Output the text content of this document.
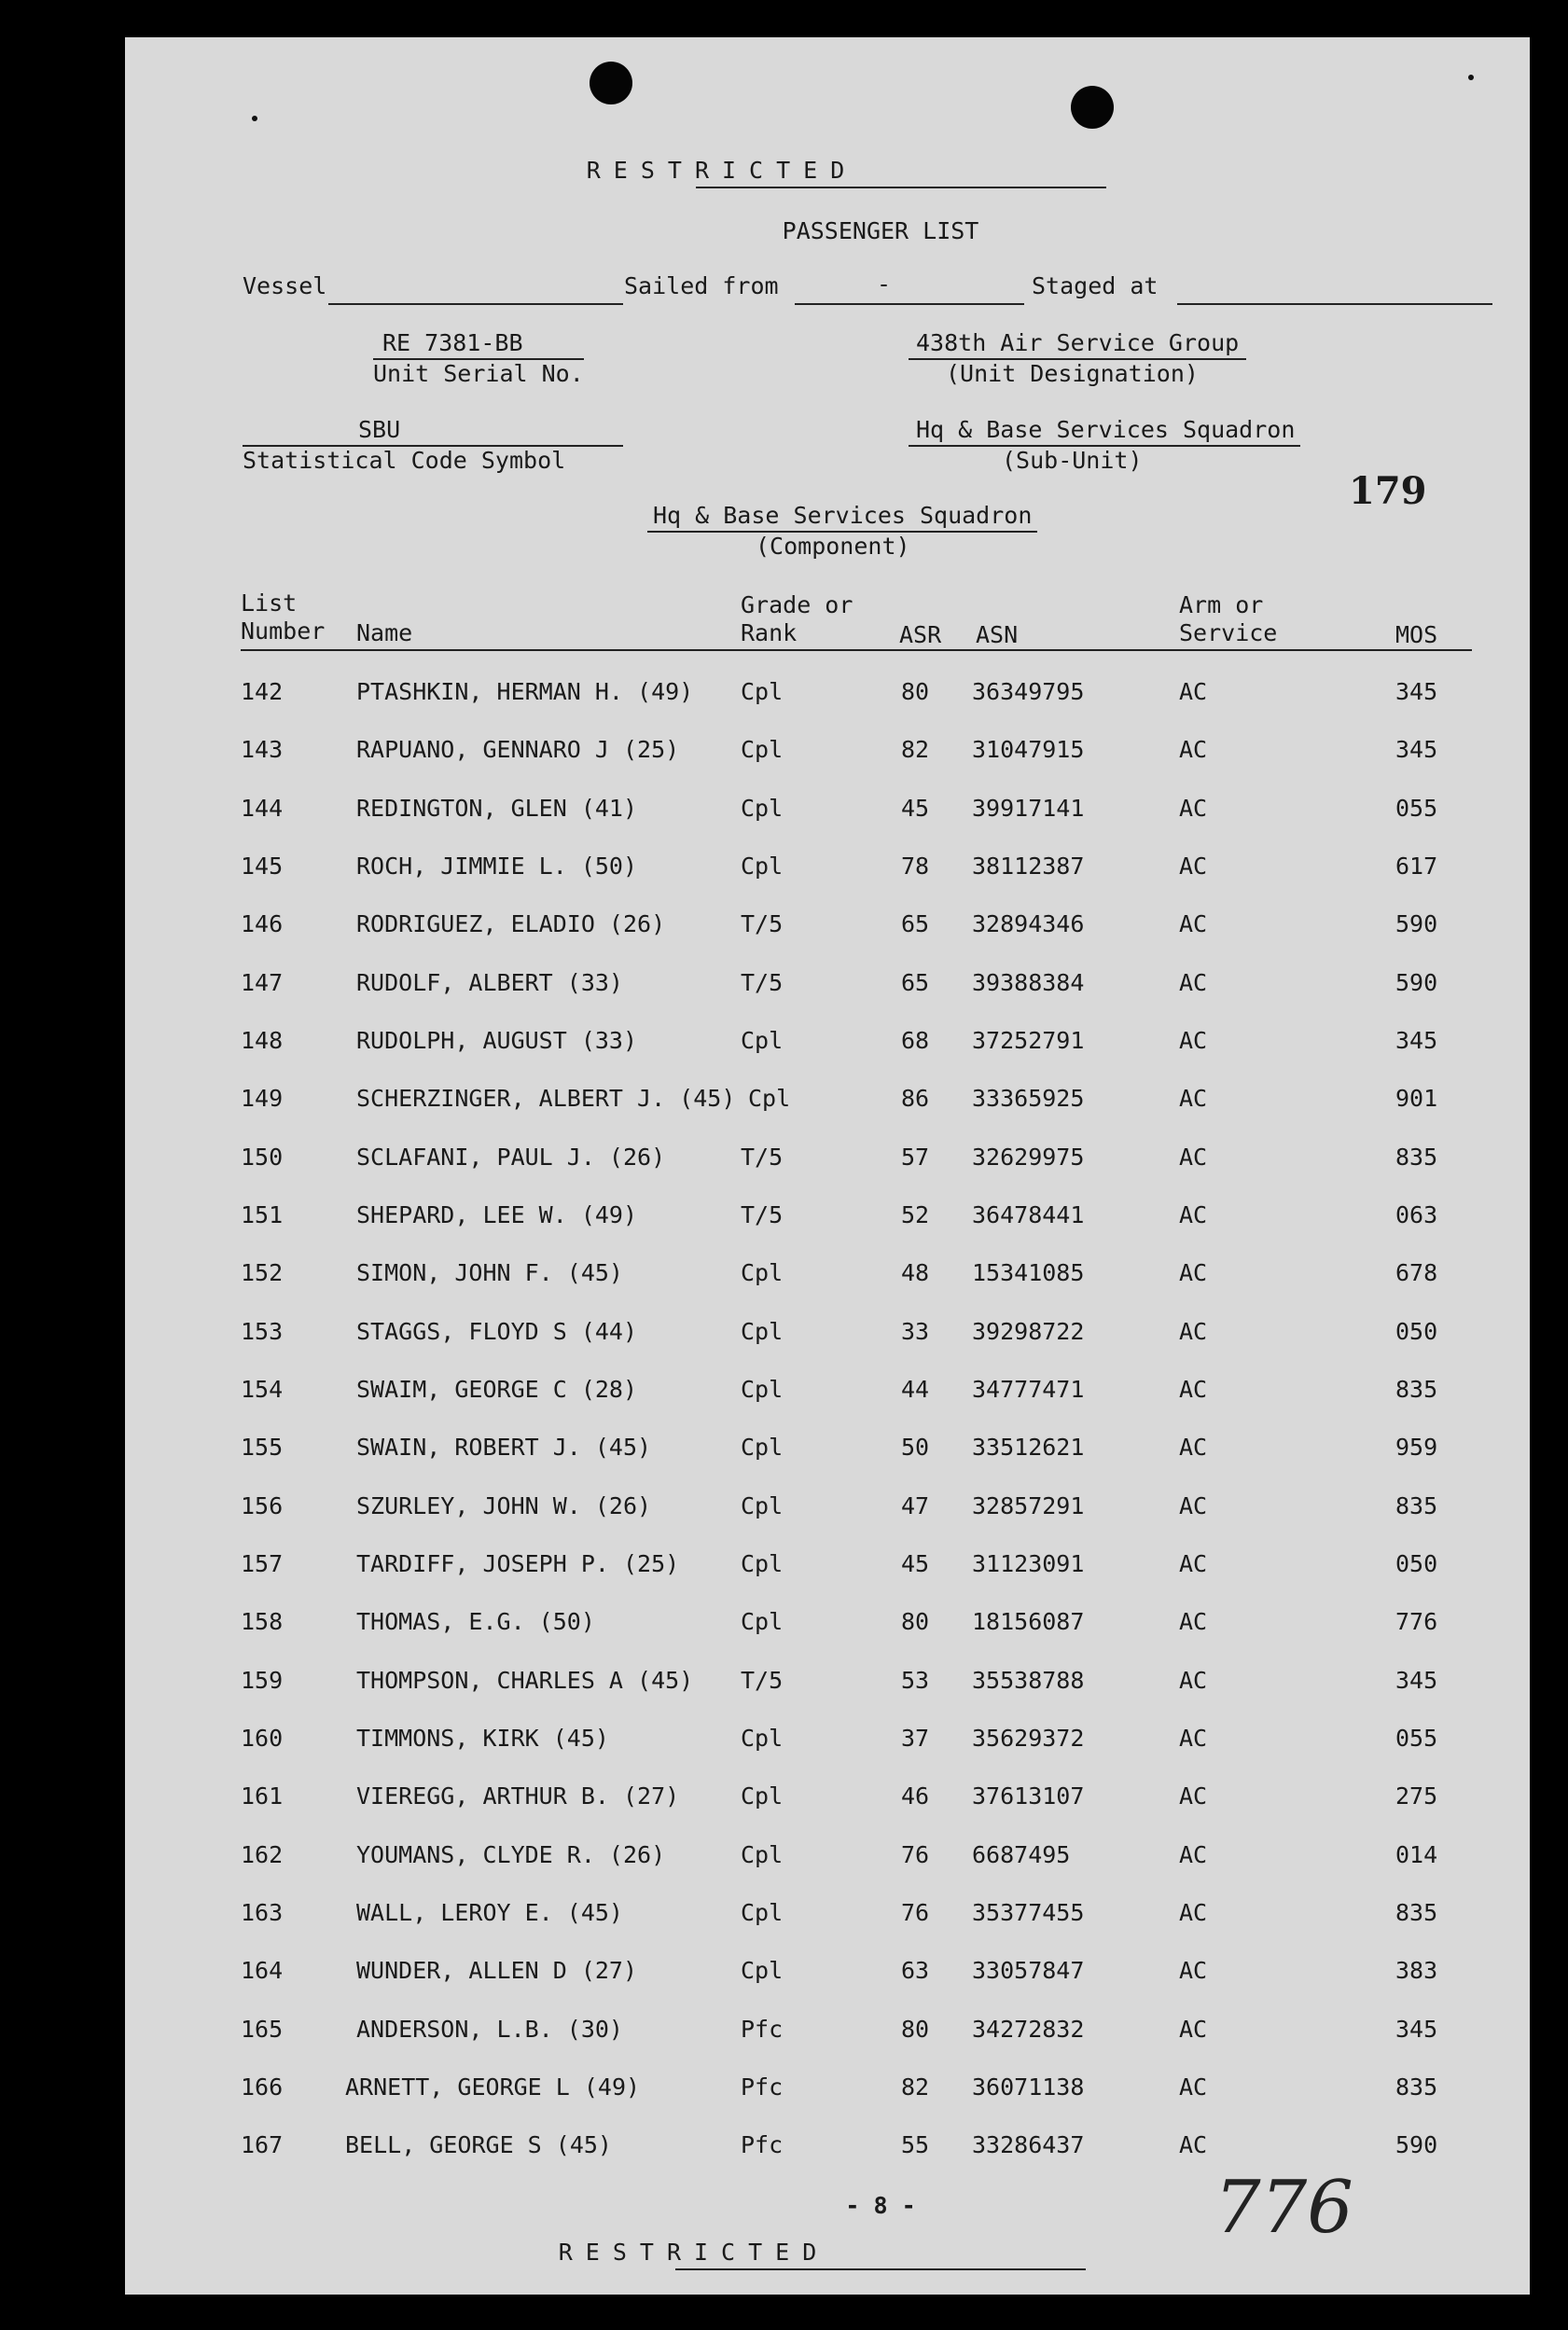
RESTRICTED
PASSENGER LIST
Vessel	Sailed from	-	Staged at
RE 7381-BB
Unit Serial No.
438th Air Service Group
(Unit Designation)
SBU
Statistical Code Symbol
Hq & Base Services Squadron
(Sub-Unit)
179
Hq & Base Services Squadron
(Component)
List
Number Name
Grade or
Rank	ASR ASN
Arm or
Service	MOS
142	PTASHKIN, HERMAN H. (49) Cpl	80 36349795	AC	345
143	RAPUANO, GENNARO J (25)	Cpl	82 31047915	AC	345
144	REDINGTON, GLEN (41)	Cpl	45 39917141	AC	055
145	ROCH, JIMMIE L. (50)	Cpl	78 38112387	AC	617
146	RODRIGUEZ, ELADIO (26)	T/5	65 32894346	AC	590
147	RUDOLF, ALBERT (33)	T/5	65 39388384	AC	590
148	RUDOLPH, AUGUST (33)	Cpl	68 37252791	AC	345
149	SCHERZINGER, ALBERT J. (45) Cpl	86 33365925	AC	901
150	SCLAFANI, PAUL J. (26)	T/5	57 32629975	AC	835
151	SHEPARD, LEE W. (49)	T/5	52 36478441	AC	063
152	SIMON, JOHN F. (45)	Cpl	48 15341085	AC	678
153	STAGGS, FLOYD S (44)	Cpl	33 39298722	AC	050
154	SWAIM, GEORGE C (28)	Cpl	44 34777471	AC	835
155	SWAIN, ROBERT J. (45)	Cpl	50 33512621	AC	959
156	SZURLEY, JOHN W. (26)	Cpl	47 32857291	AC	835
157	TARDIFF, JOSEPH P. (25)	Cpl	45 31123091	AC	050
158	THOMAS, E.G. (50)	Cpl	80 18156087	AC	776
159	THOMPSON, CHARLES A (45) T/5	53 35538788	AC	345
160	TIMMONS, KIRK (45)	Cpl	37 35629372	AC	055
161	VIEREGG, ARTHUR B. (27)	Cpl	46 37613107	AC	275
162	YOUMANS, CLYDE R. (26)	Cpl	76 6687495	AC	014
163	WALL, LEROY E. (45)	Cpl	76 35377455	AC	835
164	WUNDER, ALLEN D (27)	Cpl	63 33057847	AC	383
165	ANDERSON, L.B. (30)	Pfc	80 34272832	AC	345
166	ARNETT, GEORGE L (49)	Pfc	82 36071138	AC	835
167	BELL, GEORGE S (45)	Pfc	55 33286437	AC	590
- 8 -	776
RESTRICTED
